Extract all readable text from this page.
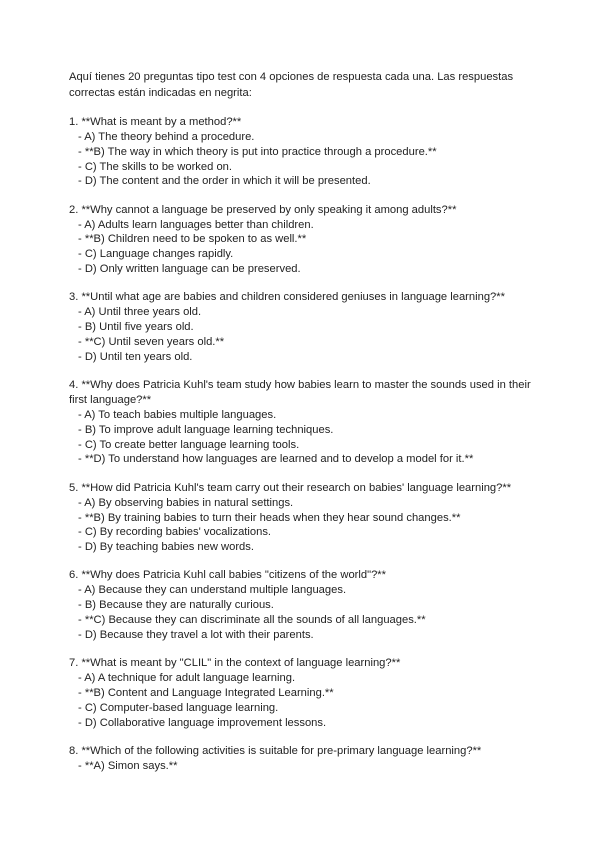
Aquí tienes 20 preguntas tipo test con 4 opciones de respuesta cada una. Las respuestas correctas están indicadas en negrita:

1. **What is meant by a method?**

- A) The theory behind a procedure.
- **B) The way in which theory is put into practice through a procedure.**
- C) The skills to be worked on.
- D) The content and the order in which it will be presented.

2. **Why cannot a language be preserved by only speaking it among adults?**

- A) Adults learn languages better than children.
- **B) Children need to be spoken to as well.**
- C) Language changes rapidly.
- D) Only written language can be preserved.

3. **Until what age are babies and children considered geniuses in language learning?**

- A) Until three years old.
- B) Until five years old.
- **C) Until seven years old.**
- D) Until ten years old.

4. **Why does Patricia Kuhl's team study how babies learn to master the sounds used in their first language?**

- A) To teach babies multiple languages.
- B) To improve adult language learning techniques.
- C) To create better language learning tools.
- **D) To understand how languages are learned and to develop a model for it.**

5. **How did Patricia Kuhl's team carry out their research on babies' language learning?**

- A) By observing babies in natural settings.
- **B) By training babies to turn their heads when they hear sound changes.**
- C) By recording babies' vocalizations.
- D) By teaching babies new words.

6. **Why does Patricia Kuhl call babies "citizens of the world"?**

- A) Because they can understand multiple languages.
- B) Because they are naturally curious.
- **C) Because they can discriminate all the sounds of all languages.**
- D) Because they travel a lot with their parents.

7. **What is meant by "CLIL" in the context of language learning?**

- A) A technique for adult language learning.
- **B) Content and Language Integrated Learning.**
- C) Computer-based language learning.
- D) Collaborative language improvement lessons.

8. **Which of the following activities is suitable for pre-primary language learning?**

- **A) Simon says.**
